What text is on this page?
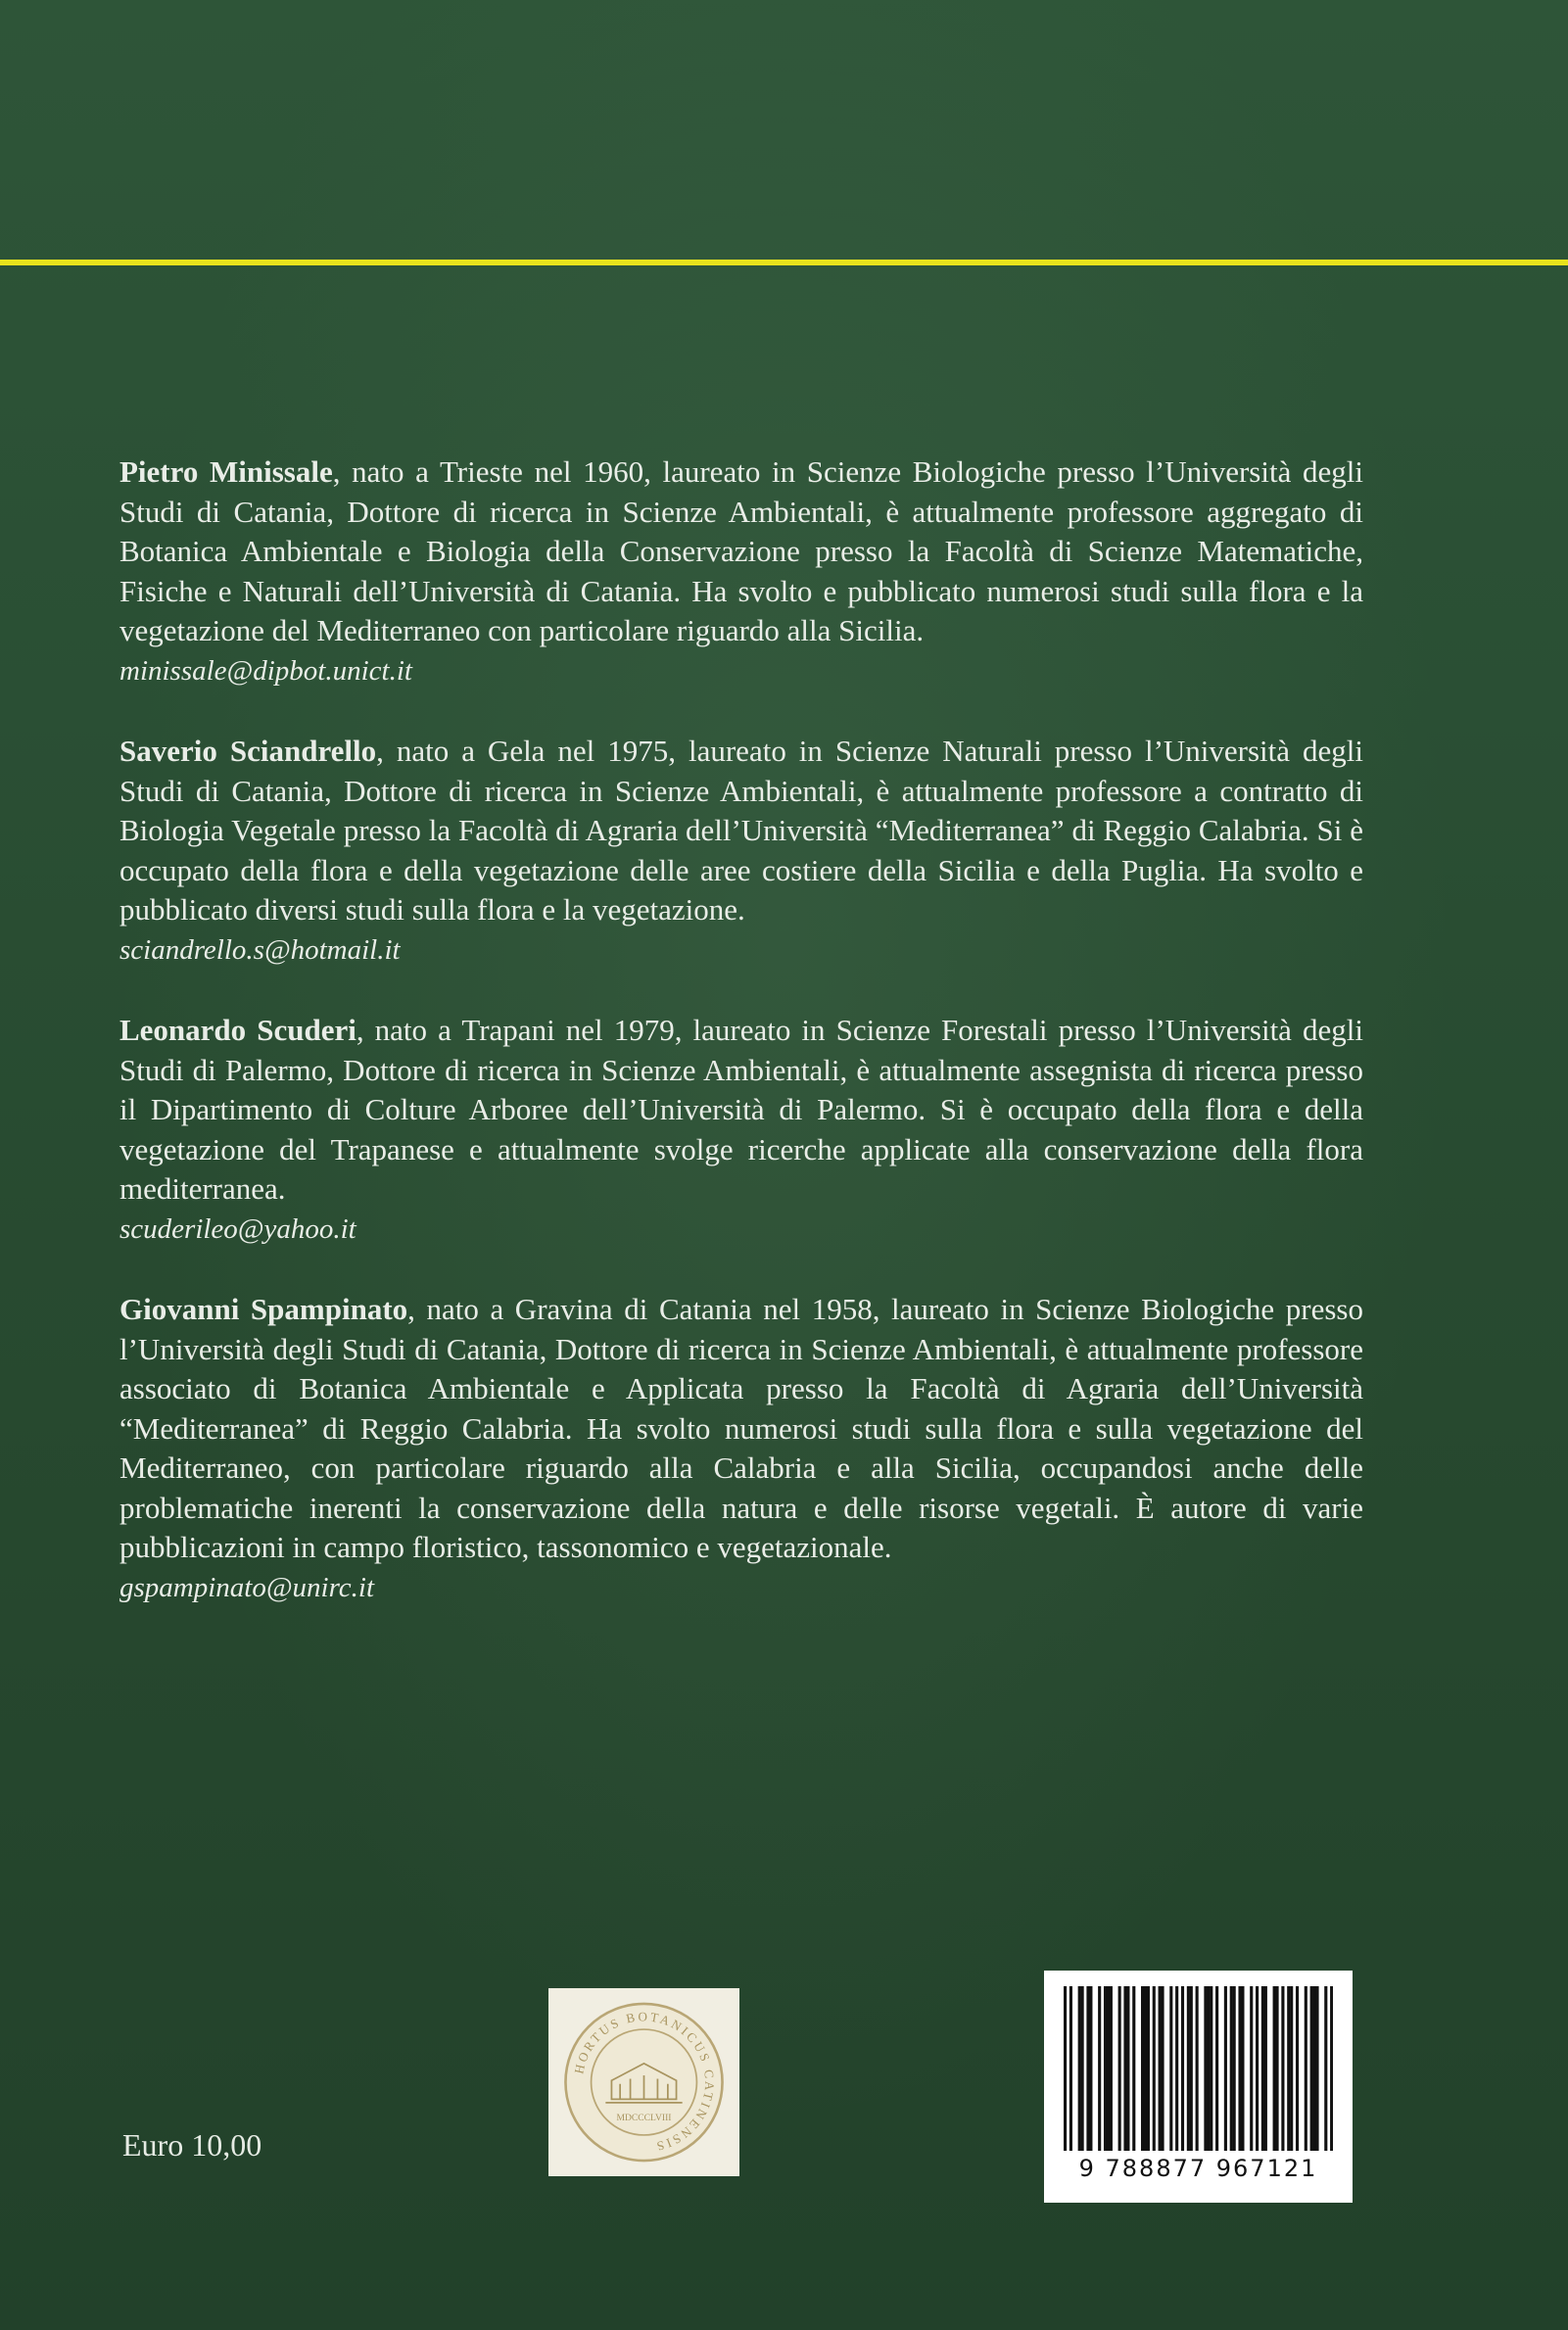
Pietro Minissale, nato a Trieste nel 1960, laureato in Scienze Biologiche presso l’Università degli Studi di Catania, Dottore di ricerca in Scienze Ambientali, è attualmente professore aggregato di Botanica Ambientale e Biologia della Conservazione presso la Facoltà di Scienze Matematiche, Fisiche e Naturali dell’Università di Catania. Ha svolto e pubblicato numerosi studi sulla flora e la vegetazione del Mediterraneo con particolare riguardo alla Sicilia.

minissale@dipbot.unict.it

Saverio Sciandrello, nato a Gela nel 1975, laureato in Scienze Naturali presso l’Università degli Studi di Catania, Dottore di ricerca in Scienze Ambientali, è attualmente professore a contratto di Biologia Vegetale presso la Facoltà di Agraria dell’Università “Mediterranea” di Reggio Calabria. Si è occupato della flora e della vegetazione delle aree costiere della Sicilia e della Puglia. Ha svolto e pubblicato diversi studi sulla flora e la vegetazione.

sciandrello.s@hotmail.it

Leonardo Scuderi, nato a Trapani nel 1979, laureato in Scienze Forestali presso l’Università degli Studi di Palermo, Dottore di ricerca in Scienze Ambientali, è attualmente assegnista di ricerca presso il Dipartimento di Colture Arboree dell’Università di Palermo. Si è occupato della flora e della vegetazione del Trapanese e attualmente svolge ricerche applicate alla conservazione della flora mediterranea.

scuderileo@yahoo.it

Giovanni Spampinato, nato a Gravina di Catania nel 1958, laureato in Scienze Biologiche presso l’Università degli Studi di Catania, Dottore di ricerca in Scienze Ambientali, è attualmente professore associato di Botanica Ambientale e Applicata presso la Facoltà di Agraria dell’Università “Mediterranea” di Reggio Calabria. Ha svolto numerosi studi sulla flora e sulla vegetazione del Mediterraneo, con particolare riguardo alla Calabria e alla Sicilia, occupandosi anche delle problematiche inerenti la conservazione della natura e delle risorse vegetali. È autore di varie pubblicazioni in campo floristico, tassonomico e vegetazionale.

gspampinato@unirc.it
Euro 10,00
HORTUS BOTANICUS CATINENSIS
MDCCCLVIII
9 788877 967121
